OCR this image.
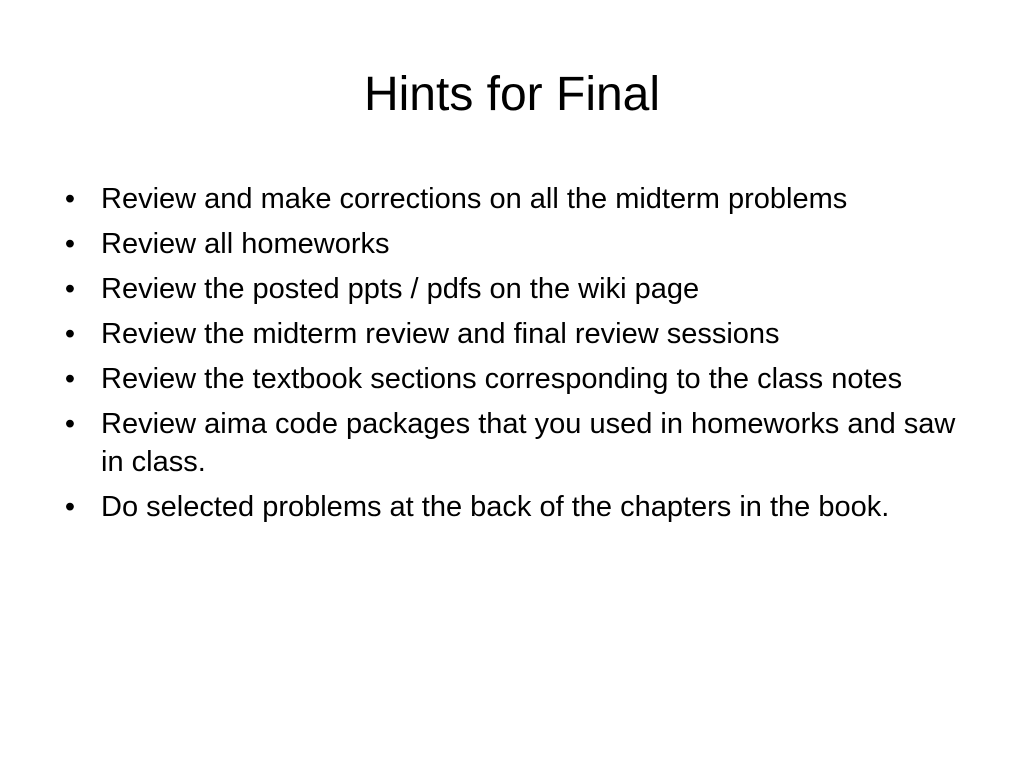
Hints for Final
• Review and make corrections on all the midterm problems
• Review all homeworks
• Review the posted ppts / pdfs on the wiki page
• Review the midterm review and final review sessions
• Review the textbook sections corresponding to the class notes
• Review aima code packages that you used in homeworks and saw in class.
• Do selected problems at the back of the chapters in the book.
